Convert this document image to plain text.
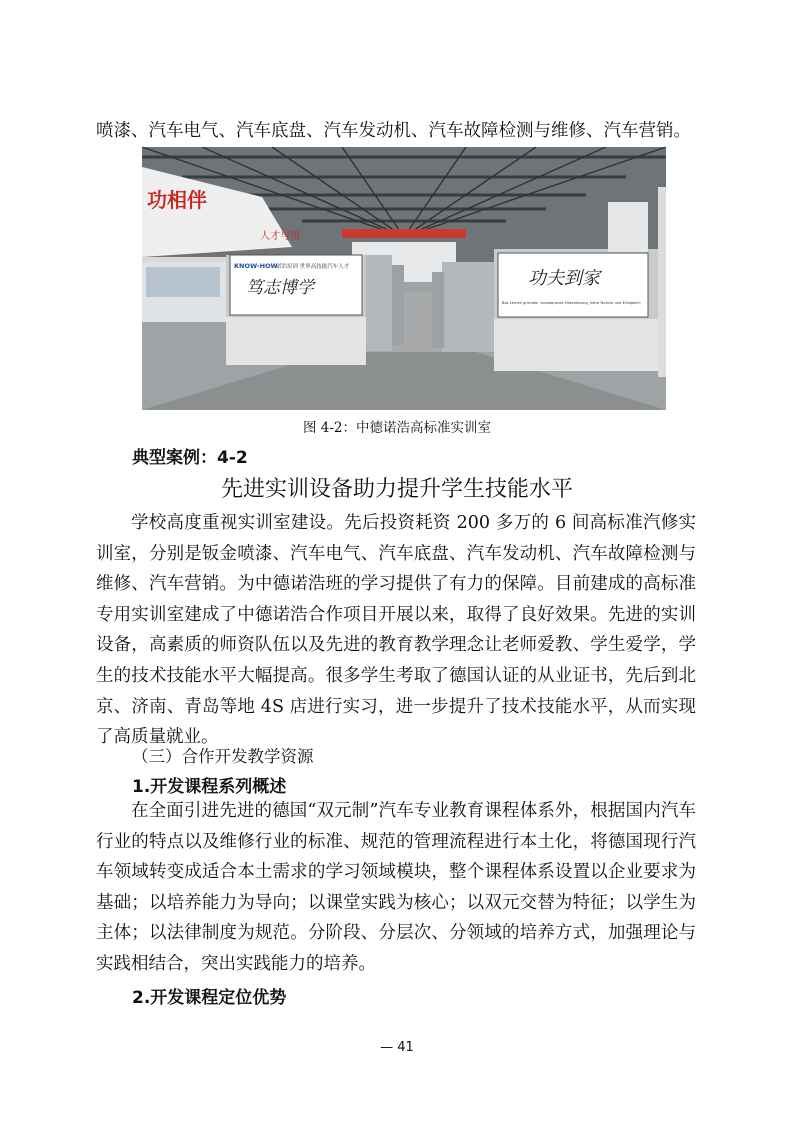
喷漆、汽车电气、汽车底盘、汽车发动机、汽车故障检测与维修、汽车营销。
功相伴
人才与用
KNOW-HOW
诺浩培训 世界高技能汽车人才
笃志博学	功夫到家
Bas Lernen gründen, konsequente Übersetzung, hohe Technik und Erfolgeich
图 4-2：中德诺浩高标准实训室
典型案例：4-2
先进实训设备助力提升学生技能水平

学校高度重视实训室建设。先后投资耗资 200 多万的 6 间高标准汽修实训室，分别是钣金喷漆、汽车电气、汽车底盘、汽车发动机、汽车故障检测与维修、汽车营销。为中德诺浩班的学习提供了有力的保障。目前建成的高标准专用实训室建成了中德诺浩合作项目开展以来，取得了良好效果。先进的实训设备，高素质的师资队伍以及先进的教育教学理念让老师爱教、学生爱学，学生的技术技能水平大幅提高。很多学生考取了德国认证的从业证书，先后到北京、济南、青岛等地 4S 店进行实习，进一步提升了技术技能水平，从而实现了高质量就业。

（三）合作开发教学资源
1.开发课程系列概述

在全面引进先进的德国“双元制”汽车专业教育课程体系外，根据国内汽车行业的特点以及维修行业的标准、规范的管理流程进行本土化，将德国现行汽车领域转变成适合本土需求的学习领域模块，整个课程体系设置以企业要求为基础；以培养能力为导向；以课堂实践为核心；以双元交替为特征；以学生为主体；以法律制度为规范。分阶段、分层次、分领域的培养方式，加强理论与实践相结合，突出实践能力的培养。

2.开发课程定位优势
— 41
